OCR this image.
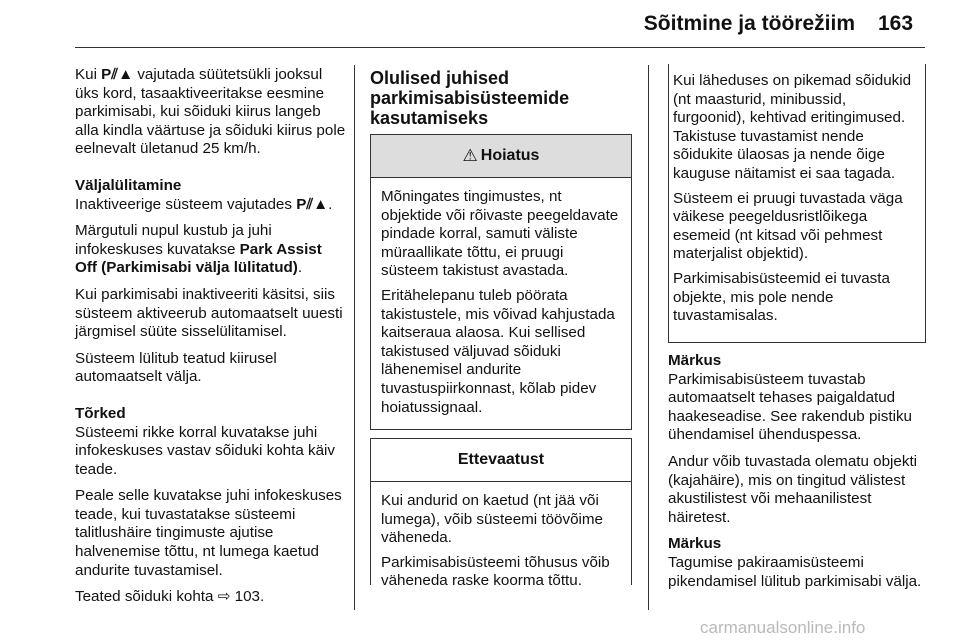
Sõitmine ja töörežiim 163

Kui P⫽▲ vajutada süütetsükli jooksul üks kord, tasaaktiveeritakse eesmine parkimisabi, kui sõiduki kiirus langeb alla kindla väärtuse ja sõiduki kiirus pole eelnevalt ületanud 25 km/h.

Väljalülitamine

Inaktiveerige süsteem vajutades P⫽▲.

Märgutuli nupul kustub ja juhi infokeskuses kuvatakse Park Assist Off (Parkimisabi välja lülitatud).

Kui parkimisabi inaktiveeriti käsitsi, siis süsteem aktiveerub automaatselt uuesti järgmisel süüte sisselülitamisel.

Süsteem lülitub teatud kiirusel automaatselt välja.

Tõrked

Süsteemi rikke korral kuvatakse juhi infokeskuses vastav sõiduki kohta käiv teade.

Peale selle kuvatakse juhi infokeskuses teade, kui tuvastatakse süsteemi talitlushäire tingimuste ajutise halvenemise tõttu, nt lumega kaetud andurite tuvastamisel.

Teated sõiduki kohta ⇨ 103.

Olulised juhised parkimisabisüsteemide kasutamiseks
⚠ Hoiatus

Mõningates tingimustes, nt objektide või rõivaste peegeldavate pindade korral, samuti väliste müraallikate tõttu, ei pruugi süsteem takistust avastada.

Eritähelepanu tuleb pöörata takistustele, mis võivad kahjustada kaitseraua alaosa. Kui sellised takistused väljuvad sõiduki lähenemisel andurite tuvastuspiirkonnast, kõlab pidev hoiatussignaal.

Ettevaatust

Kui andurid on kaetud (nt jää või lumega), võib süsteemi töövõime väheneda.

Parkimisabisüsteemi tõhusus võib väheneda raske koorma tõttu.

Kui läheduses on pikemad sõidukid (nt maasturid, minibussid, furgoonid), kehtivad eritingimused. Takistuse tuvastamist nende sõidukite ülaosas ja nende õige kauguse näitamist ei saa tagada.

Süsteem ei pruugi tuvastada väga väikese peegeldusristlõikega esemeid (nt kitsad või pehmest materjalist objektid).

Parkimisabisüsteemid ei tuvasta objekte, mis pole nende tuvastamisalas.

Märkus

Parkimisabisüsteem tuvastab automaatselt tehases paigaldatud haakeseadise. See rakendub pistiku ühendamisel ühenduspessa.

Andur võib tuvastada olematu objekti (kajahäire), mis on tingitud välistest akustilistest või mehaanilistest häiretest.

Märkus

Tagumise pakiraamisüsteemi pikendamisel lülitub parkimisabi välja.

carmanualsonline.info
